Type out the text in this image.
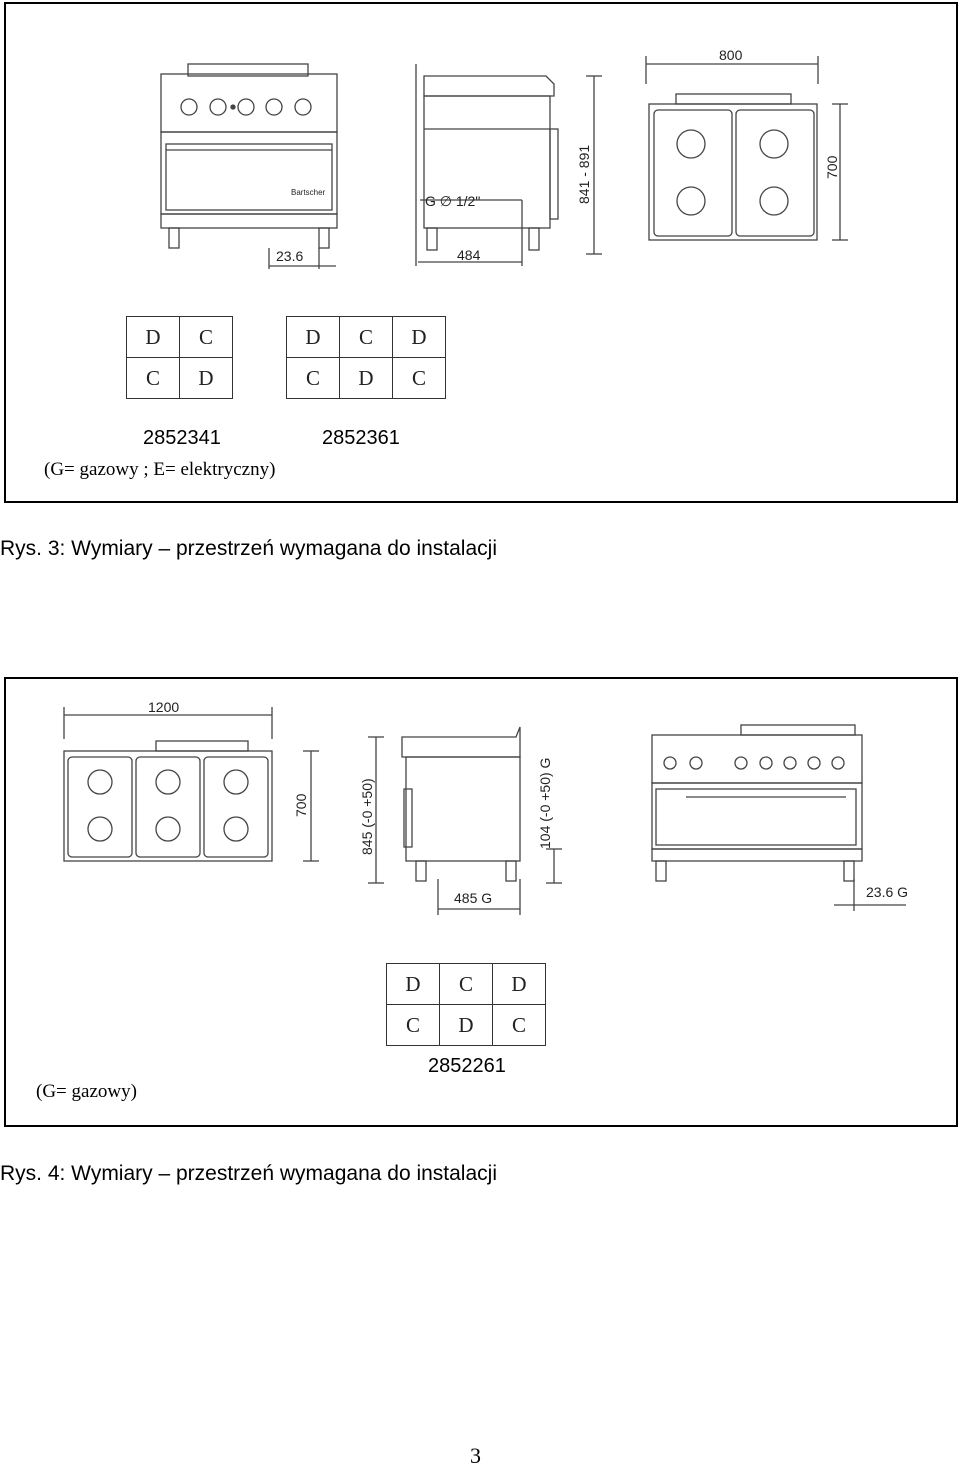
23.6
Bartscher
G ∅ 1/2"
484
841 - 891
800
700
D	C
C	D
2852341
D	C	D
C	D	C
2852361
(G= gazowy ; E= elektryczny)
Rys. 3: Wymiary – przestrzeń wymagana do instalacji
1200
700	845 (-0 +50)	104 (-0 +50) G
485 G	23.6 G
D	C	D
C	D	C
2852261
(G= gazowy)
Rys. 4: Wymiary – przestrzeń wymagana do instalacji
3
